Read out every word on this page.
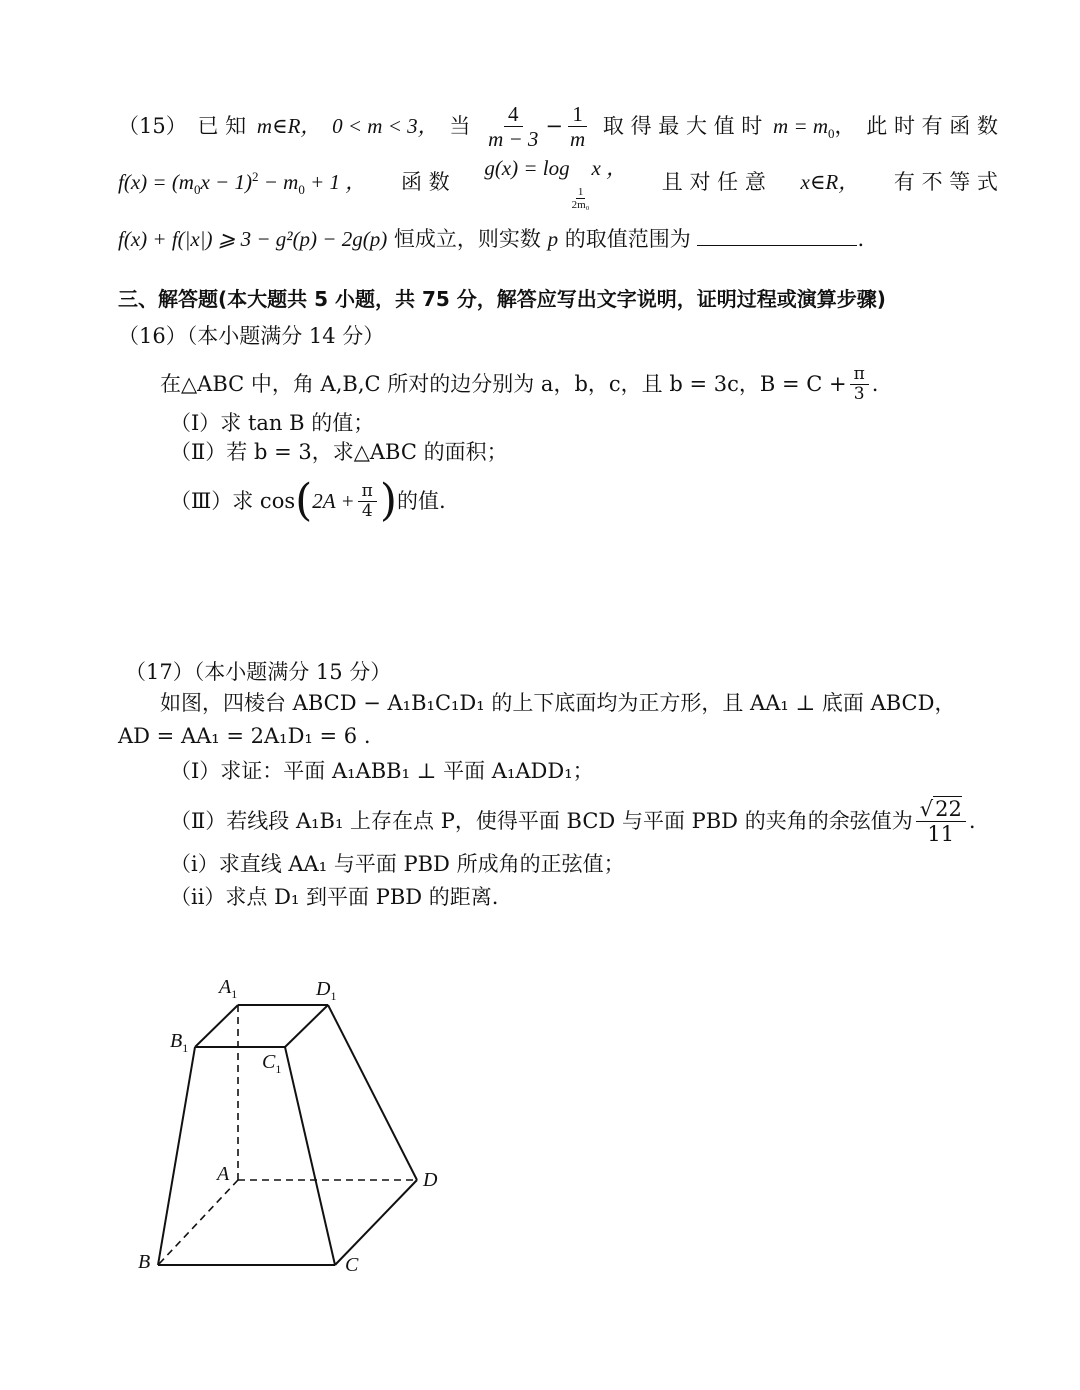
（15） 已 知 m∈R， 0 < m < 3， 当 $\frac{4}{m - 3} - \frac{1}{m}$ 取 得 最 大 值 时 $m = m_0$， 此 时 有 函 数
$f(x) = (m_0x - 1)^2 - m_0 + 1$ ， 函 数
g(x) = log
$\frac{1}{\text{2m₀}}$
x ，
且 对 任 意 x∈R， 有 不 等 式
f(x) + f(|x|) ⩾ 3 − g²(p) − 2g(p) 恒成立，则实数 p 的取值范围为	.
三、解答题(本大题共 5 小题，共 75 分，解答应写出文字说明，证明过程或演算步骤)
（16）（本小题满分 14 分）
在△ABC 中，角 A,B,C 所对的边分别为 a，b，c，且 b = 3c，$B = C + \frac{\pi}{3}$ .
（Ⅰ）求 tan B 的值；
（Ⅱ）若 b = 3，求△ABC 的面积；
（Ⅲ）求 cos ( $2A + \frac{\pi}{4}$ ) 的值.
（17）（本小题满分 15 分）
如图，四棱台 ABCD − A₁B₁C₁D₁ 的上下底面均为正方形，且 AA₁ ⊥ 底面 ABCD，
AD = AA₁ = 2A₁D₁ = 6 .
（Ⅰ）求证：平面 A₁ABB₁ ⊥ 平面 A₁ADD₁；
（Ⅱ）若线段 A₁B₁ 上存在点 P，使得平面 BCD 与平面 PBD 的夹角的余弦值为 $\frac{√22}{11}$ .
（i）求直线 AA₁ 与平面 PBD 所成角的正弦值；
（ii）求点 D₁ 到平面 PBD 的距离.
$A_1$	$D_1$
$B_1$
$C_1$
A	D
B	C
